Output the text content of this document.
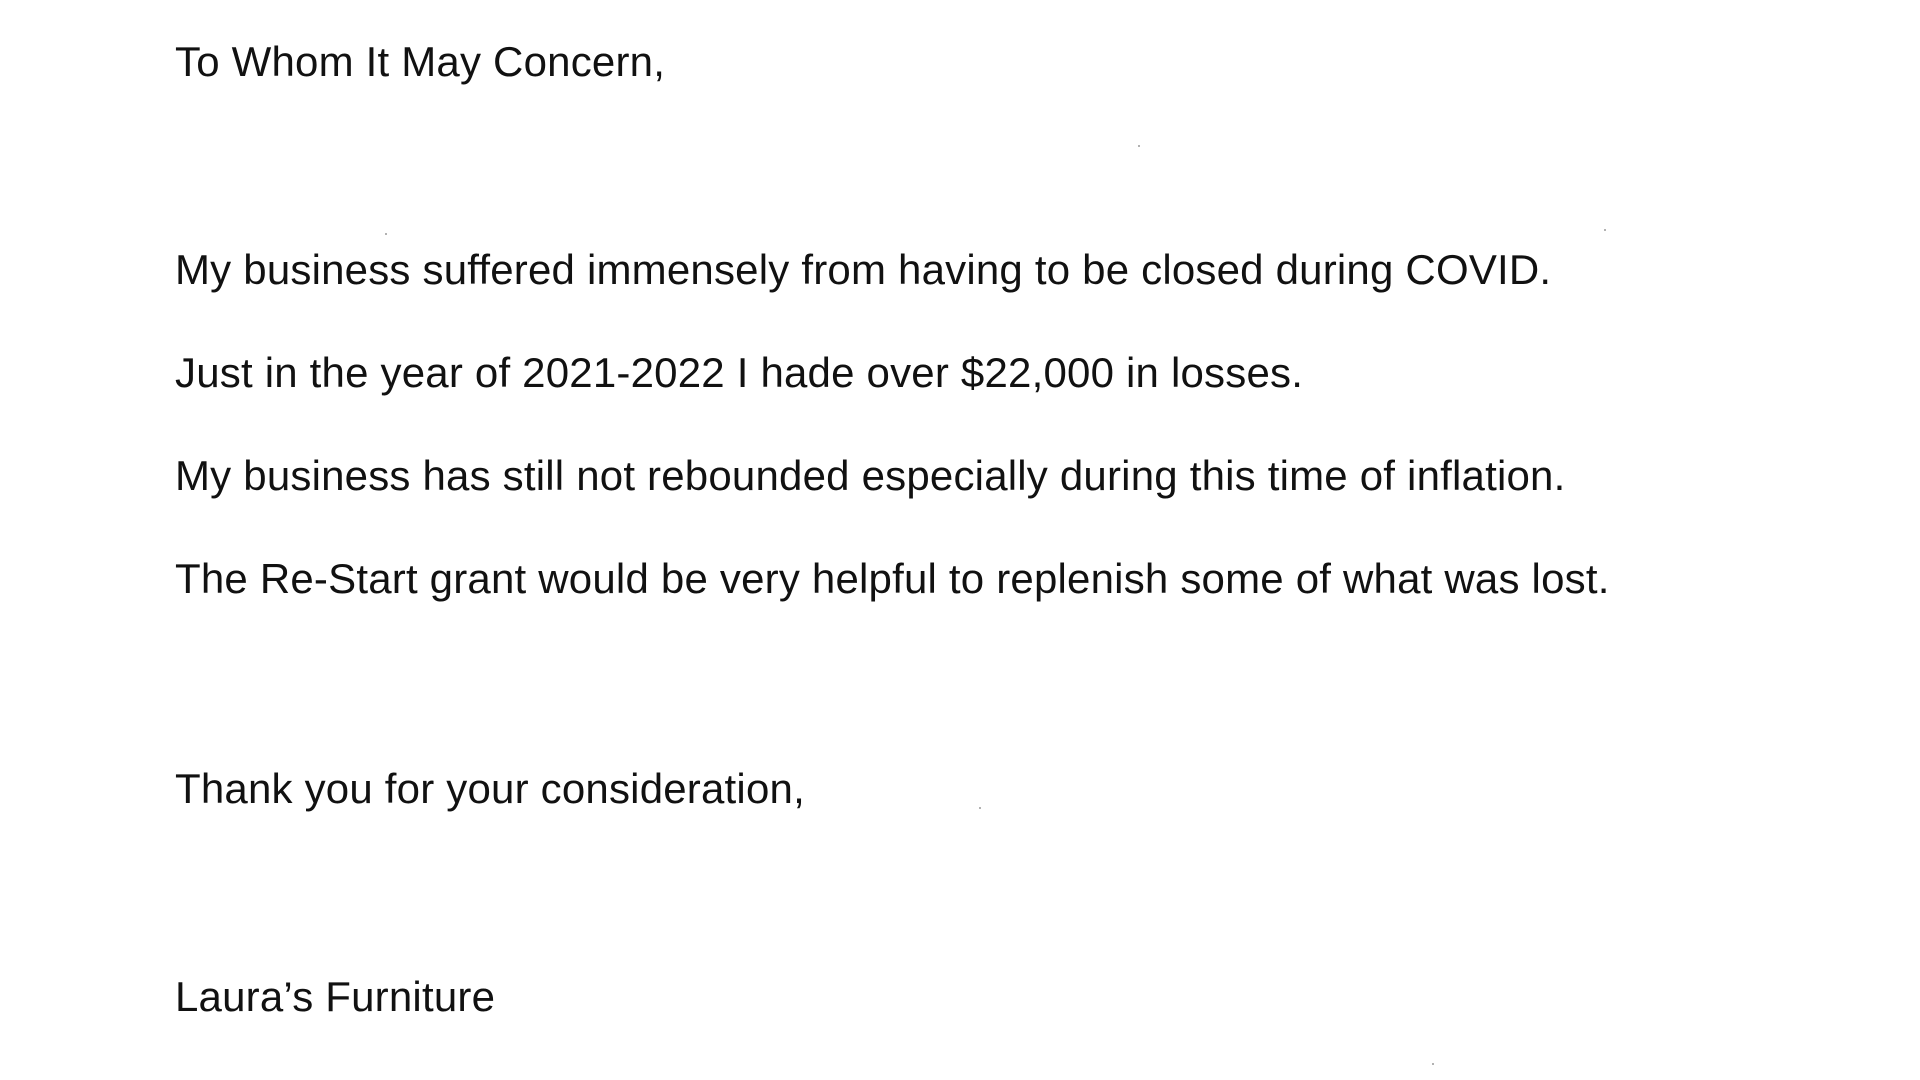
To Whom It May Concern,
My business suffered immensely from having to be closed during COVID.
Just in the year of 2021-2022 I hade over $22,000 in losses.
My business has still not rebounded especially during this time of inflation.
The Re-Start grant would be very helpful to replenish some of what was lost.
Thank you for your consideration,
Laura’s Furniture
